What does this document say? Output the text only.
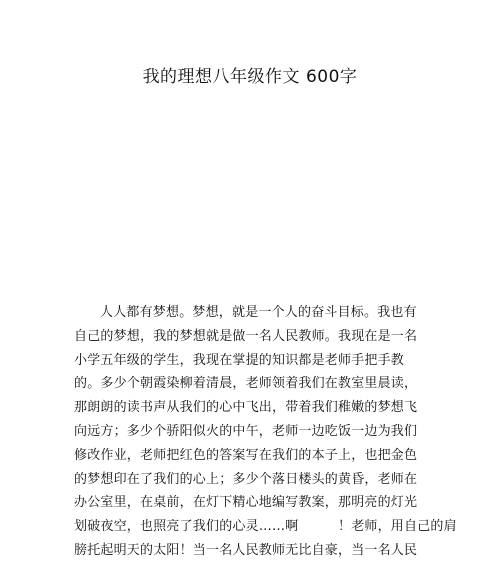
我的理想八年级作文 600字
人人都有梦想。梦想，就是一个人的奋斗目标。我也有
自己的梦想，我的梦想就是做一名人民教师。我现在是一名
小学五年级的学生，我现在掌提的知识都是老师手把手教
的。多少个朝霞染柳着清晨，老师领着我们在教室里晨读，
那朗朗的读书声从我们的心中飞出，带着我们稚嫩的梦想飞
向远方；多少个骄阳似火的中午，老师一边吃饭一边为我们
修改作业，老师把红色的答案写在我们的本子上，也把金色
的梦想印在了我们的心上；多少个落日楼头的黄昏，老师在
办公室里，在桌前，在灯下精心地编写教案，那明亮的灯光
划破夜空，也照亮了我们的心灵……啊　　　！老师，用自己的肩
膀托起明天的太阳！当一名人民教师无比自豪，当一名人民
